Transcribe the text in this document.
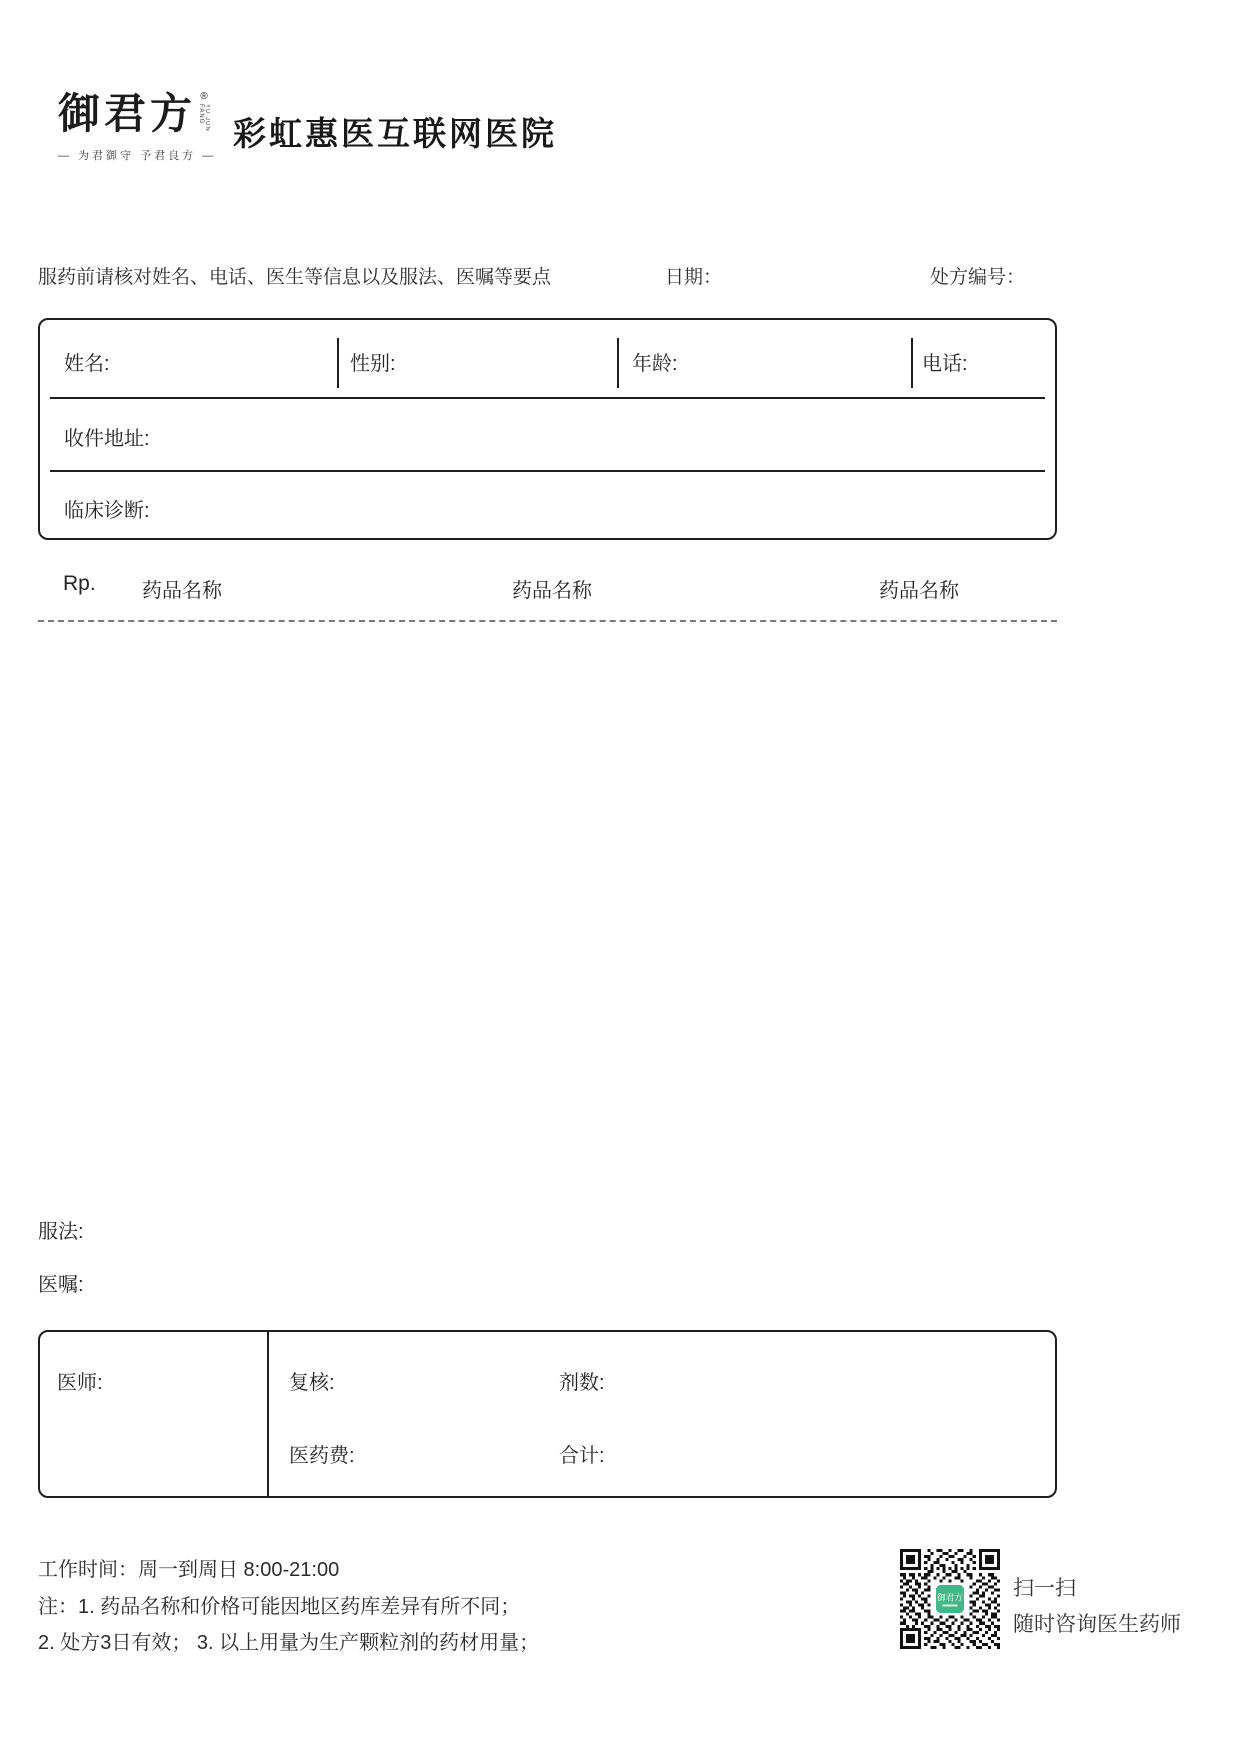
御君方 ®
YU JUN FANG
— 为君御守 予君良方 —
彩虹惠医互联网医院
服药前请核对姓名、电话、医生等信息以及服法、医嘱等要点	日期：	处方编号：
姓名:	性别:	年龄:	电话:
收件地址:
临床诊断:
Rp. 药品名称	药品名称	药品名称
服法:
医嘱:
医师:	复核:	剂数:
医药费:	合计:
工作时间：周一到周日 8:00-21:00
注：1. 药品名称和价格可能因地区药库差异有所不同；
2. 处方3日有效； 3. 以上用量为生产颗粒剂的药材用量；
御君方 扫一扫
随时咨询医生药师
